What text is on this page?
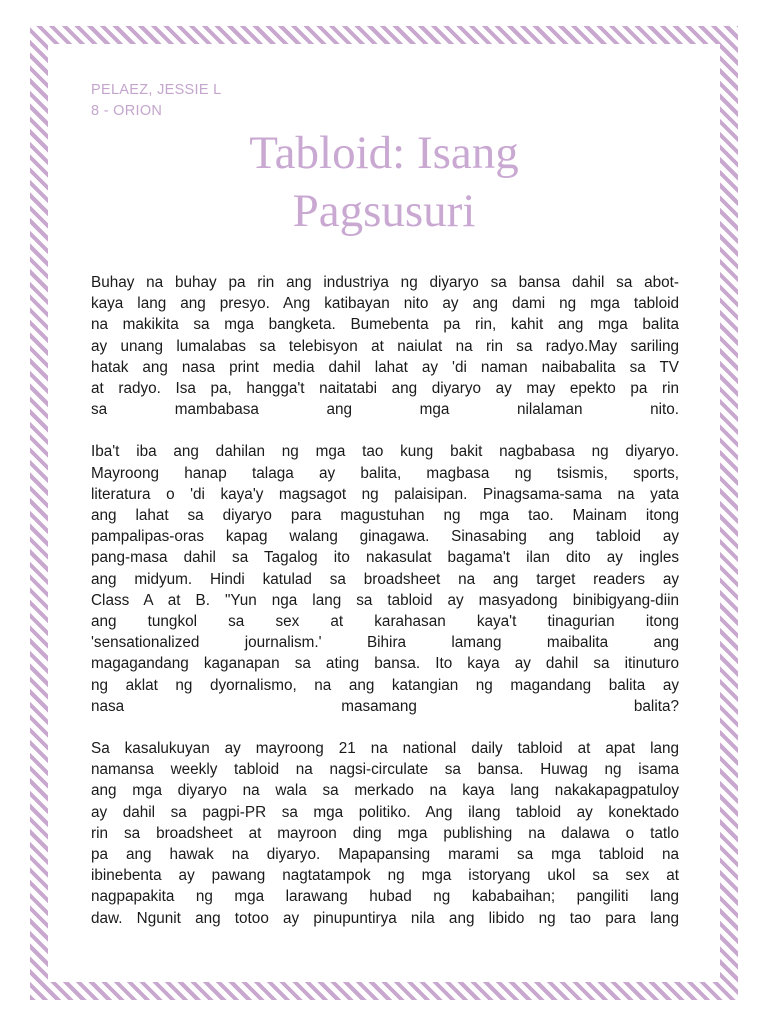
PELAEZ, JESSIE L
8 - ORION
Tabloid: Isang
Pagsusuri
Buhay na buhay pa rin ang industriya ng diyaryo sa bansa dahil sa abot-
kaya lang ang presyo. Ang katibayan nito ay ang dami ng mga tabloid
na makikita sa mga bangketa. Bumebenta pa rin, kahit ang mga balita
ay unang lumalabas sa telebisyon at naiulat na rin sa radyo.May sariling
hatak ang nasa print media dahil lahat ay 'di naman naibabalita sa TV
at radyo. Isa pa, hangga't naitatabi ang diyaryo ay may epekto pa rin
sa mambabasa ang mga nilalaman nito.
Iba't iba ang dahilan ng mga tao kung bakit nagbabasa ng diyaryo.
Mayroong hanap talaga ay balita, magbasa ng tsismis, sports,
literatura o 'di kaya'y magsagot ng palaisipan. Pinagsama-sama na yata
ang lahat sa diyaryo para magustuhan ng mga tao. Mainam itong
pampalipas-oras kapag walang ginagawa. Sinasabing ang tabloid ay
pang-masa dahil sa Tagalog ito nakasulat bagama't ilan dito ay ingles
ang midyum. Hindi katulad sa broadsheet na ang target readers ay
Class A at B. "Yun nga lang sa tabloid ay masyadong binibigyang-diin
ang tungkol sa sex at karahasan kaya't tinagurian itong
'sensationalized journalism.' Bihira lamang maibalita ang
magagandang kaganapan sa ating bansa. Ito kaya ay dahil sa itinuturo
ng aklat ng dyornalismo, na ang katangian ng magandang balita ay
nasa masamang balita?
Sa kasalukuyan ay mayroong 21 na national daily tabloid at apat lang
namansa weekly tabloid na nagsi-circulate sa bansa. Huwag ng isama
ang mga diyaryo na wala sa merkado na kaya lang nakakapagpatuloy
ay dahil sa pagpi-PR sa mga politiko. Ang ilang tabloid ay konektado
rin sa broadsheet at mayroon ding mga publishing na dalawa o tatlo
pa ang hawak na diyaryo. Mapapansing marami sa mga tabloid na
ibinebenta ay pawang nagtatampok ng mga istoryang ukol sa sex at
nagpapakita ng mga larawang hubad ng kababaihan; pangiliti lang
daw. Ngunit ang totoo ay pinupuntirya nila ang libido ng tao para lang
